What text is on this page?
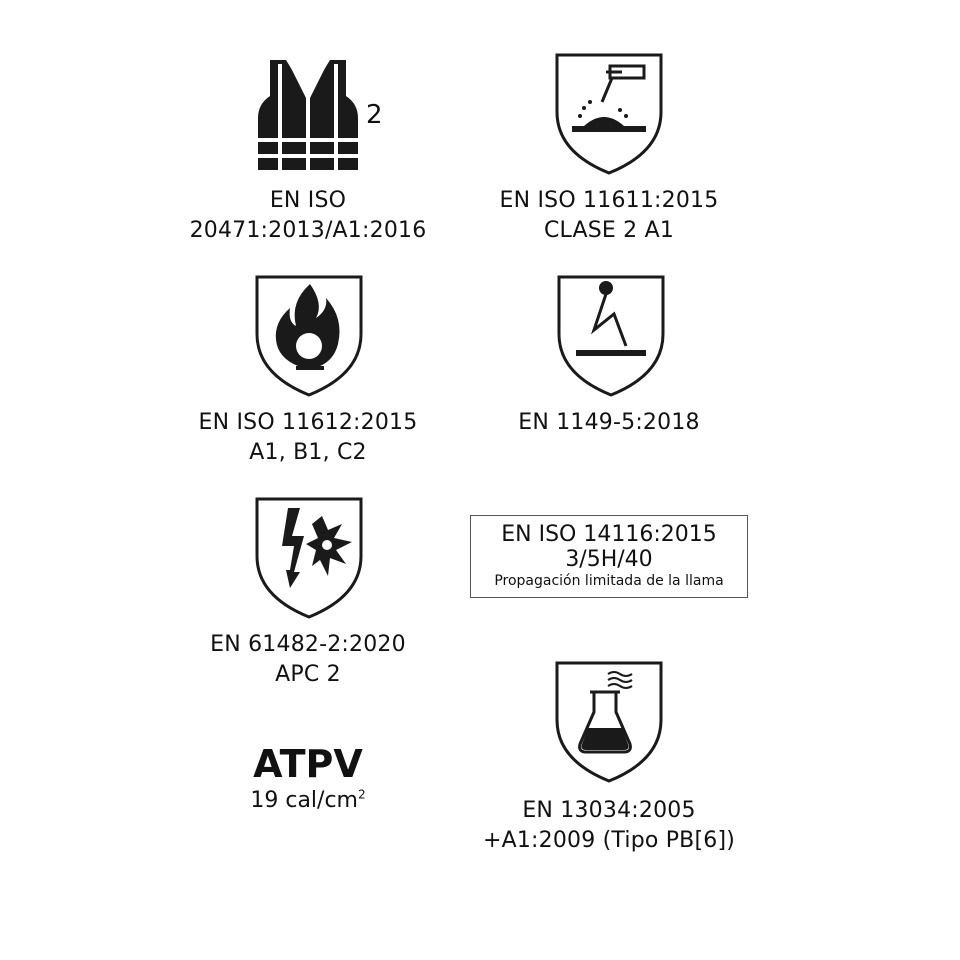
2
EN ISO
20471:2013/A1:2016
EN ISO 11611:2015
CLASE 2 A1
EN ISO 11612:2015
A1, B1, C2
EN 1149-5:2018
EN 61482-2:2020
APC 2
EN ISO 14116:2015
3/5H/40
Propagación limitada de la llama
ATPV
19 cal/$cm^2$
EN 13034:2005
+A1:2009 (Tipo PB[6])
